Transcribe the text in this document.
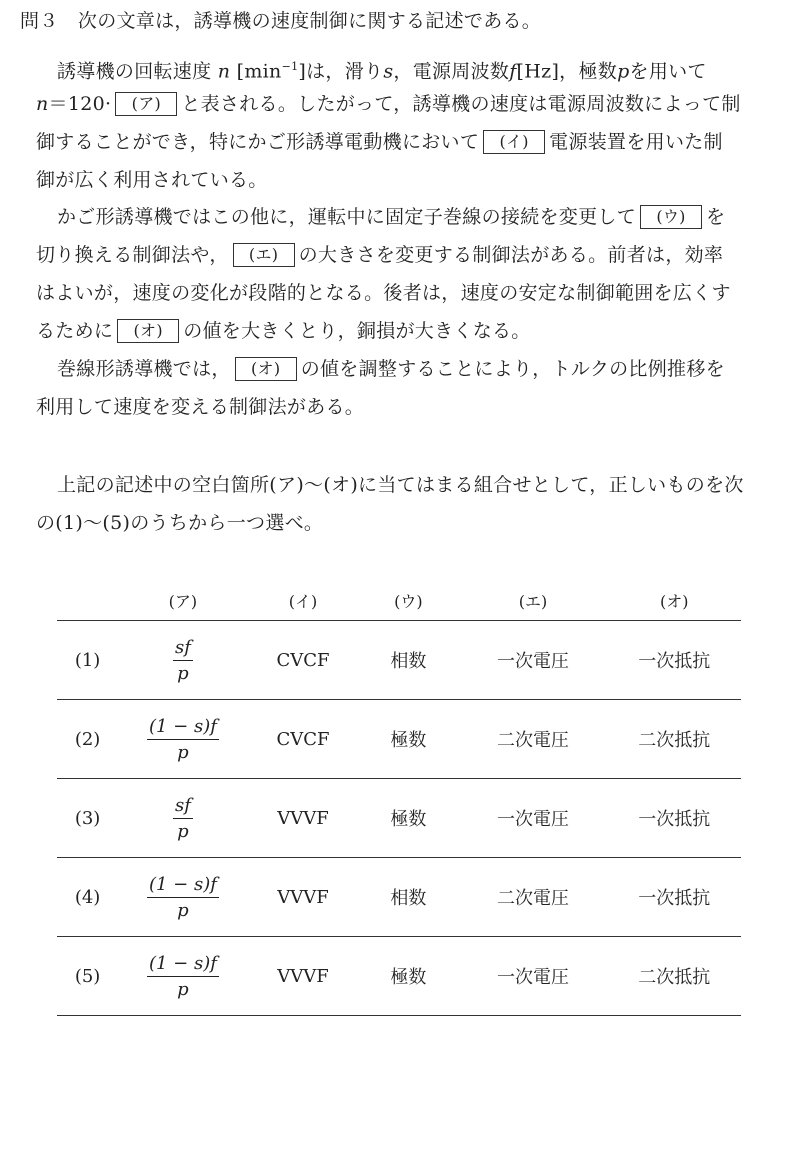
問３　次の文章は，誘導機の速度制御に関する記述である。
誘導機の回転速度 n $[\min^{-1}]$は，滑りs，電源周波数f[Hz]，極数pを用いて
n＝120· (ア) と表される。したがって，誘導機の速度は電源周波数によって制
御することができ，特にかご形誘導電動機において (イ) 電源装置を用いた制
御が広く利用されている。
かご形誘導機ではこの他に，運転中に固定子巻線の接続を変更して (ウ) を
切り換える制御法や， (エ) の大きさを変更する制御法がある。前者は，効率
はよいが，速度の変化が段階的となる。後者は，速度の安定な制御範囲を広くす
るために (オ) の値を大きくとり，銅損が大きくなる。
巻線形誘導機では， (オ) の値を調整することにより，トルクの比例推移を
利用して速度を変える制御法がある。
上記の記述中の空白箇所(ア)～(オ)に当てはまる組合せとして，正しいものを次
の(1)～(5)のうちから一つ選べ。
	(ア)	(イ)	(ウ)	(エ)	(オ)
(1)	$\frac{sf}{p}$	CVCF	相数	一次電圧	一次抵抗
(2)	$\frac{(1 - s)f}{p}$	CVCF	極数	二次電圧	二次抵抗
(3)	$\frac{sf}{p}$	VVVF	極数	一次電圧	一次抵抗
(4)	$\frac{(1 - s)f}{p}$	VVVF	相数	二次電圧	一次抵抗
(5)	$\frac{(1 - s)f}{p}$	VVVF	極数	一次電圧	二次抵抗
